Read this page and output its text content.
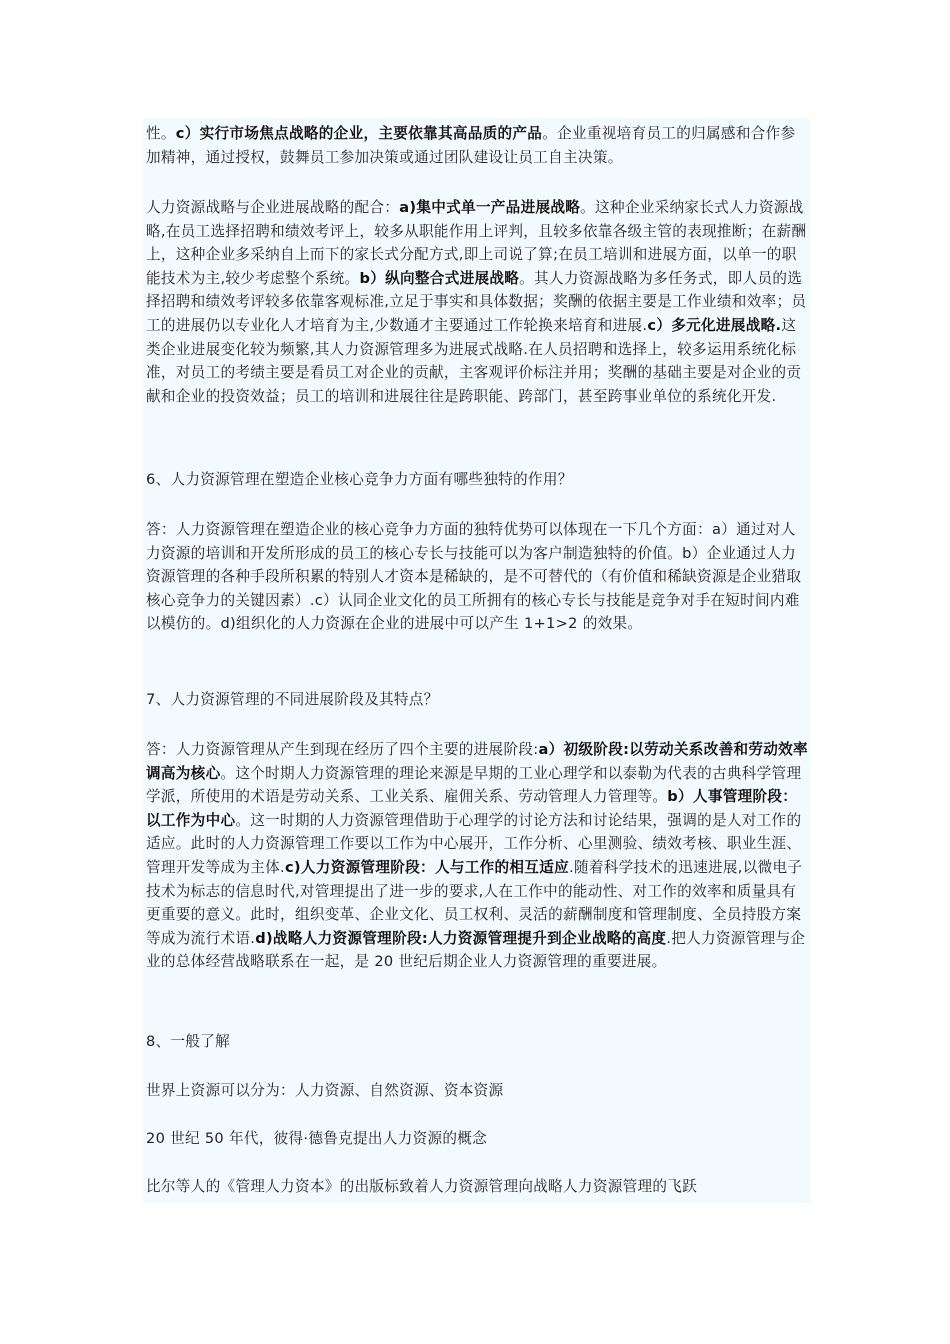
性。c）实行市场焦点战略的企业，主要依靠其高品质的产品。企业重视培育员工的归属感和合作参加精神，通过授权，鼓舞员工参加决策或通过团队建设让员工自主决策。

人力资源战略与企业进展战略的配合：a)集中式单一产品进展战略。这种企业采纳家长式人力资源战略,在员工选择招聘和绩效考评上，较多从职能作用上评判，且较多依靠各级主管的表现推断；在薪酬上，这种企业多采纳自上而下的家长式分配方式,即上司说了算;在员工培训和进展方面，以单一的职能技术为主,较少考虑整个系统。b）纵向整合式进展战略。其人力资源战略为多任务式，即人员的选择招聘和绩效考评较多依靠客观标准,立足于事实和具体数据；奖酬的依据主要是工作业绩和效率；员工的进展仍以专业化人才培育为主,少数通才主要通过工作轮换来培育和进展.c）多元化进展战略.这类企业进展变化较为频繁,其人力资源管理多为进展式战略.在人员招聘和选择上，较多运用系统化标准，对员工的考绩主要是看员工对企业的贡献，主客观评价标注并用；奖酬的基础主要是对企业的贡献和企业的投资效益；员工的培训和进展往往是跨职能、跨部门，甚至跨事业单位的系统化开发.

6、人力资源管理在塑造企业核心竞争力方面有哪些独特的作用？

答：人力资源管理在塑造企业的核心竞争力方面的独特优势可以体现在一下几个方面：a）通过对人力资源的培训和开发所形成的员工的核心专长与技能可以为客户制造独特的价值。b）企业通过人力资源管理的各种手段所积累的特别人才资本是稀缺的，是不可替代的（有价值和稀缺资源是企业猎取核心竞争力的关键因素）.c）认同企业文化的员工所拥有的核心专长与技能是竞争对手在短时间内难以模仿的。d)组织化的人力资源在企业的进展中可以产生 1+1>2 的效果。

7、人力资源管理的不同进展阶段及其特点？

答：人力资源管理从产生到现在经历了四个主要的进展阶段:a）初级阶段:以劳动关系改善和劳动效率调高为核心。这个时期人力资源管理的理论来源是早期的工业心理学和以泰勒为代表的古典科学管理学派，所使用的术语是劳动关系、工业关系、雇佣关系、劳动管理人力管理等。b）人事管理阶段：以工作为中心。这一时期的人力资源管理借助于心理学的讨论方法和讨论结果，强调的是人对工作的适应。此时的人力资源管理工作要以工作为中心展开，工作分析、心里测验、绩效考核、职业生涯、管理开发等成为主体.c)人力资源管理阶段：人与工作的相互适应.随着科学技术的迅速进展,以微电子技术为标志的信息时代,对管理提出了进一步的要求,人在工作中的能动性、对工作的效率和质量具有更重要的意义。此时，组织变革、企业文化、员工权利、灵活的薪酬制度和管理制度、全员持股方案等成为流行术语.d)战略人力资源管理阶段:人力资源管理提升到企业战略的高度.把人力资源管理与企业的总体经营战略联系在一起，是 20 世纪后期企业人力资源管理的重要进展。

8、一般了解

世界上资源可以分为：人力资源、自然资源、资本资源

20 世纪 50 年代，彼得·德鲁克提出人力资源的概念

比尔等人的《管理人力资本》的出版标致着人力资源管理向战略人力资源管理的飞跃
